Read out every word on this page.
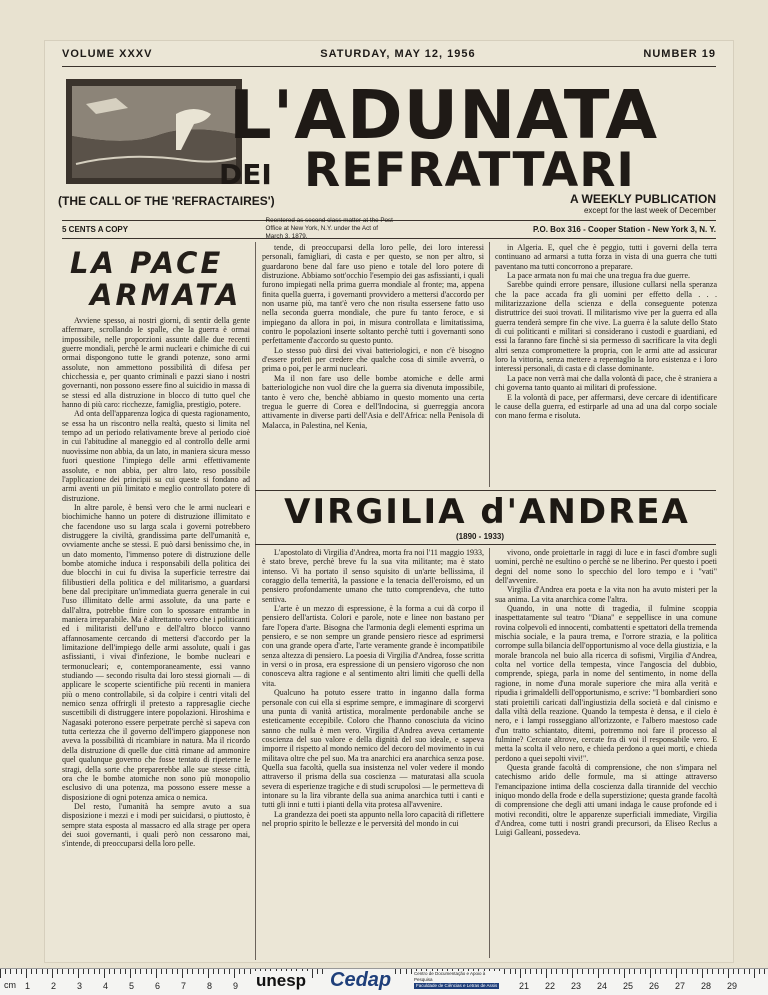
VOLUME XXXV	SATURDAY, MAY 12, 1956	NUMBER 19
L'ADUNATA
DEI REFRATTARI
(THE CALL OF THE 'REFRACTAIRES')	A WEEKLY PUBLICATION
except for the last week of December
5 CENTS A COPY
Reentered as second class matter at the Post Office at New York, N.Y. under the Act of March 3, 1879.
P.O. Box 316 - Cooper Station - New York 3, N. Y.
LA PACE
ARMATA

Avviene spesso, ai nostri giorni, di sentir della gente affermare, scrollando le spalle, che la guerra è ormai impossibile, nelle proporzioni assunte dalle due recenti guerre mondiali, perchè le armi nucleari e chimiche di cui ormai dispongono tutte le grandi potenze, sono armi assolute, non ammettono possibilità di difesa per chicchessia e, per quanto criminali e pazzi siano i nostri governanti, non possono essere fino al suicidio in massa di se stessi ed alla distruzione in blocco di tutto quel che hanno di più caro: ricchezze, famiglia, prestigio, potere.

Ad onta dell'apparenza logica di questa ragionamento, se essa ha un riscontro nella realtà, questo si limita nel tempo ad un periodo relativamente breve al periodo cioè in cui l'abitudine al maneggio ed al controllo delle armi nuovissime non abbia, da un lato, in maniera sicura messo fuori questione l'impiego delle armi effettivamente assolute, e non abbia, per altro lato, reso possibile l'applicazione dei principii su cui queste si fondano ad armi aventi un più limitato e meglio controllato potere di distruzione.

In altre parole, è bensì vero che le armi nucleari e biochimiche hanno un potere di distruzione illimitato e che facendone uso su larga scala i governi potrebbero distruggere la civiltà, grandissima parte dell'umanità e, ovviamente anche se stessi. E può darsi benissimo che, in un dato momento, l'immenso potere di distruzione delle bombe atomiche induca i responsabili della politica dei due blocchi in cui fu divisa la superficie terrestre dai filibustieri della politica e del militarismo, a guardarsi bene dal precipitare un'immediata guerra generale in cui l'uso illimitato delle armi assolute, da una parte e dall'altra, potrebbe finire con lo spossare entrambe in maniera irreparabile. Ma è altrettanto vero che i politicanti ed i militaristi dell'uno e dell'altro blocco vanno affannosamente cercando di mettersi d'accordo per la limitazione dell'impiego delle armi assolute, quali i gas asfissianti, i vivai d'infezione, le bombe nucleari e termonucleari; e, contemporaneamente, essi vanno studiando — secondo risulta dai loro stessi giornali — di applicare le scoperte scientifiche più recenti in maniera più o meno controllabile, sì da colpire i centri vitali del nemico senza offrirgli il pretesto a rappresaglie cieche suscettibili di distruggere intere popolazioni. Hiroshima e Nagasaki poterono essere perpetrate perchè si sapeva con tutta certezza che il governo dell'impero giapponese non aveva la possibilità di ricambiare in natura. Ma il ricordo della distruzione di quelle due città rimane ad ammonire quel qualunque governo che fosse tentato di ripeterne le stragi, della sorte che preparerebbe alle sue stesse città, ora che le bombe atomiche non sono più monopolio esclusivo di una potenza, ma possono essere messe a disposizione di ogni potenza amica o nemica.

Del resto, l'umanità ha sempre avuto a sua disposizione i mezzi e i modi per suicidarsi, o piuttosto, è sempre stata esposta al massacro ed alla strage per opera dei suoi governanti, i quali però non cessarono mai, s'intende, di preoccuparsi della loro pelle.

tende, di preoccuparsi della loro pelle, dei loro interessi personali, famigliari, di casta e per questo, se non per altro, si guardarono bene dal fare uso pieno e totale del loro potere di distruzione. Abbiamo sott'occhio l'esempio dei gas asfissianti, i quali furono impiegati nella prima guerra mondiale al fronte; ma, appena finita quella guerra, i governanti provvidero a mettersi d'accordo per non usarne più, ma tant'è vero che non risulta essersene fatto uso nella seconda guerra mondiale, che pure fu tanto feroce, e si impiegano da allora in poi, in misura controllata e limitatissima, contro le popolazioni inserte soltanto perchè tutti i governanti sono perfettamente d'accordo su questo punto.

Lo stesso può dirsi dei vivai batteriologici, e non c'è bisogno d'essere profeti per credere che qualche cosa di simile avverrà, o prima o poi, per le armi nucleari.

Ma il non fare uso delle bombe atomiche e delle armi batteriologiche non vuol dire che la guerra sia divenuta impossibile, tanto è vero che, benchè abbiamo in questo momento una certa tregua le guerre di Corea e dell'Indocina, si guerreggia ancora attivamente in diverse parti dell'Asia e dell'Africa: nella Penisola di Malacca, in Palestina, nel Kenia,

in Algeria. E, quel che è peggio, tutti i governi della terra continuano ad armarsi a tutta forza in vista di una guerra che tutti paventano ma tutti concorrono a preparare.

La pace armata non fu mai che una tregua fra due guerre.

Sarebbe quindi errore pensare, illusione cullarsi nella speranza che la pace accada fra gli uomini per effetto della . . . militarizzazione della scienza e della conseguente potenza distruttrice dei suoi trovati. Il militarismo vive per la guerra ed alla guerra tenderà sempre fin che vive. La guerra è la salute dello Stato di cui politicanti e militari si considerano i custodi e guardiani, ed essi la faranno fare finchè si sia permesso di sacrificare la vita degli altri senza compromettere la propria, con le armi atte ad assicurar loro la vittoria, senza mettere a repentaglio la loro esistenza e i loro interessi personali, di casta e di classe dominante.

La pace non verrà mai che dalla volontà di pace, che è straniera a chi governa tanto quanto ai militari di professione.

E la volontà di pace, per affermarsi, deve cercare di identificare le cause della guerra, ed estirparle ad una ad una dal corpo sociale con mano ferma e risoluta.

VIRGILIA d'ANDREA
(1890 - 1933)

L'apostolato di Virgilia d'Andrea, morta fra noi l'11 maggio 1933, è stato breve, perchè breve fu la sua vita militante; ma è stato intenso. Vi ha portato il senso squisito di un'arte bellissima, il coraggio della temerità, la passione e la tenacia dell'eroismo, ed un pensiero profondamente umano che tutto comprendeva, che tutto sentiva.

L'arte è un mezzo di espressione, è la forma a cui dà corpo il pensiero dell'artista. Colori e parole, note e linee non bastano per fare l'opera d'arte. Bisogna che l'armonia degli elementi esprima un pensiero, e se non sempre un grande pensiero riesce ad esprimersi con una grande opera d'arte, l'arte veramente grande è incompatibile senza altezza di pensiero. La poesia di Virgilia d'Andrea, fosse scritta in versi o in prosa, era espressione di un pensiero vigoroso che non conosceva altra ragione e al sentimento altri limiti che quelli della vita.

Qualcuno ha potuto essere tratto in inganno dalla forma personale con cui ella si esprime sempre, e immaginare di scorgervi una punta di vanità artistica, moralmente perdonabile anche se esteticamente eccepibile. Coloro che l'hanno conosciuta da vicino sanno che nulla è men vero. Virgilia d'Andrea aveva certamente coscienza del suo valore e della dignità del suo ideale, e sapeva imporre il rispetto al mondo nemico del decoro del movimento in cui militava oltre che pel suo. Ma tra anarchici era anarchica senza pose. Quella sua facoltà, quella sua insistenza nel voler vedere il mondo attraverso il prisma della sua coscienza — maturatasi alla scuola severa di esperienze tragiche e di studi scrupolosi — le permetteva di intonare su la lira vibrante della sua anima anarchica tutti i canti e tutti gli inni e tutti i pianti della vita protesa all'avvenire.

La grandezza dei poeti sta appunto nella loro capacità di riflettere nel proprio spirito le bellezze e le perversità del mondo in cui

vivono, onde proiettarle in raggi di luce e in fasci d'ombre sugli uomini, perchè ne esultino o perchè se ne liberino. Per questo i poeti degni del nome sono lo specchio del loro tempo e i "vati" dell'avvenire.

Virgilia d'Andrea era poeta e la vita non ha avuto misteri per la sua anima. La vita anarchica come l'altra.

Quando, in una notte di tragedia, il fulmine scoppia inaspettatamente sul teatro "Diana" e seppellisce in una comune rovina colpevoli ed innocenti, combattenti e spettatori della tremenda mischia sociale, e la paura trema, e l'orrore strazia, e la politica corrompe sulla bilancia dell'opportunismo al voce della giustizia, e la morale brancola nel buio alla ricerca di sofismi, Virgilia d'Andrea, colta nel vortice della tempesta, vince l'angoscia del dubbio, comprende, spiega, parla in nome del sentimento, in nome della ragione, in nome d'una morale superiore che mira alla verità e ripudia i grimaldelli dell'opportunismo, e scrive: "I bombardieri sono stati proiettili caricati dall'ingiustizia della società e dal cinismo e dalla viltà della reazione. Quando la tempesta è densa, e il cielo è nero, e i lampi rosseggiano all'orizzonte, e l'albero maestoso cade d'un tratto schiantato, ditemi, potremmo noi fare il processo al fulmine? Cercate altrove, cercate fra di voi il responsabile vero. E metta la scolta il velo nero, e chieda perdono a quei morti, e chieda perdono a quei sepolti vivi!".

Questa grande facoltà di comprensione, che non s'impara nel catechismo arido delle formule, ma si attinge attraverso l'emancipazione intima della coscienza dalla tirannide del vecchio iniquo mondo della frode e della superstizione; questa grande facoltà di comprensione che degli atti umani indaga le cause profonde ed i motivi reconditi, oltre le apparenze superficiali immediate, Virgilia d'Andrea, come tutti i nostri grandi precursori, da Eliseo Reclus a Luigi Galleani, possedeva.

cm 1 2 3 4 5 6 7 8 9	21 22 23 24 25 26 27 28 29
unesp Cedap	Centro de Documentação e Apoio à Pesquisa
Faculdade de Ciências e Letras de Assis
